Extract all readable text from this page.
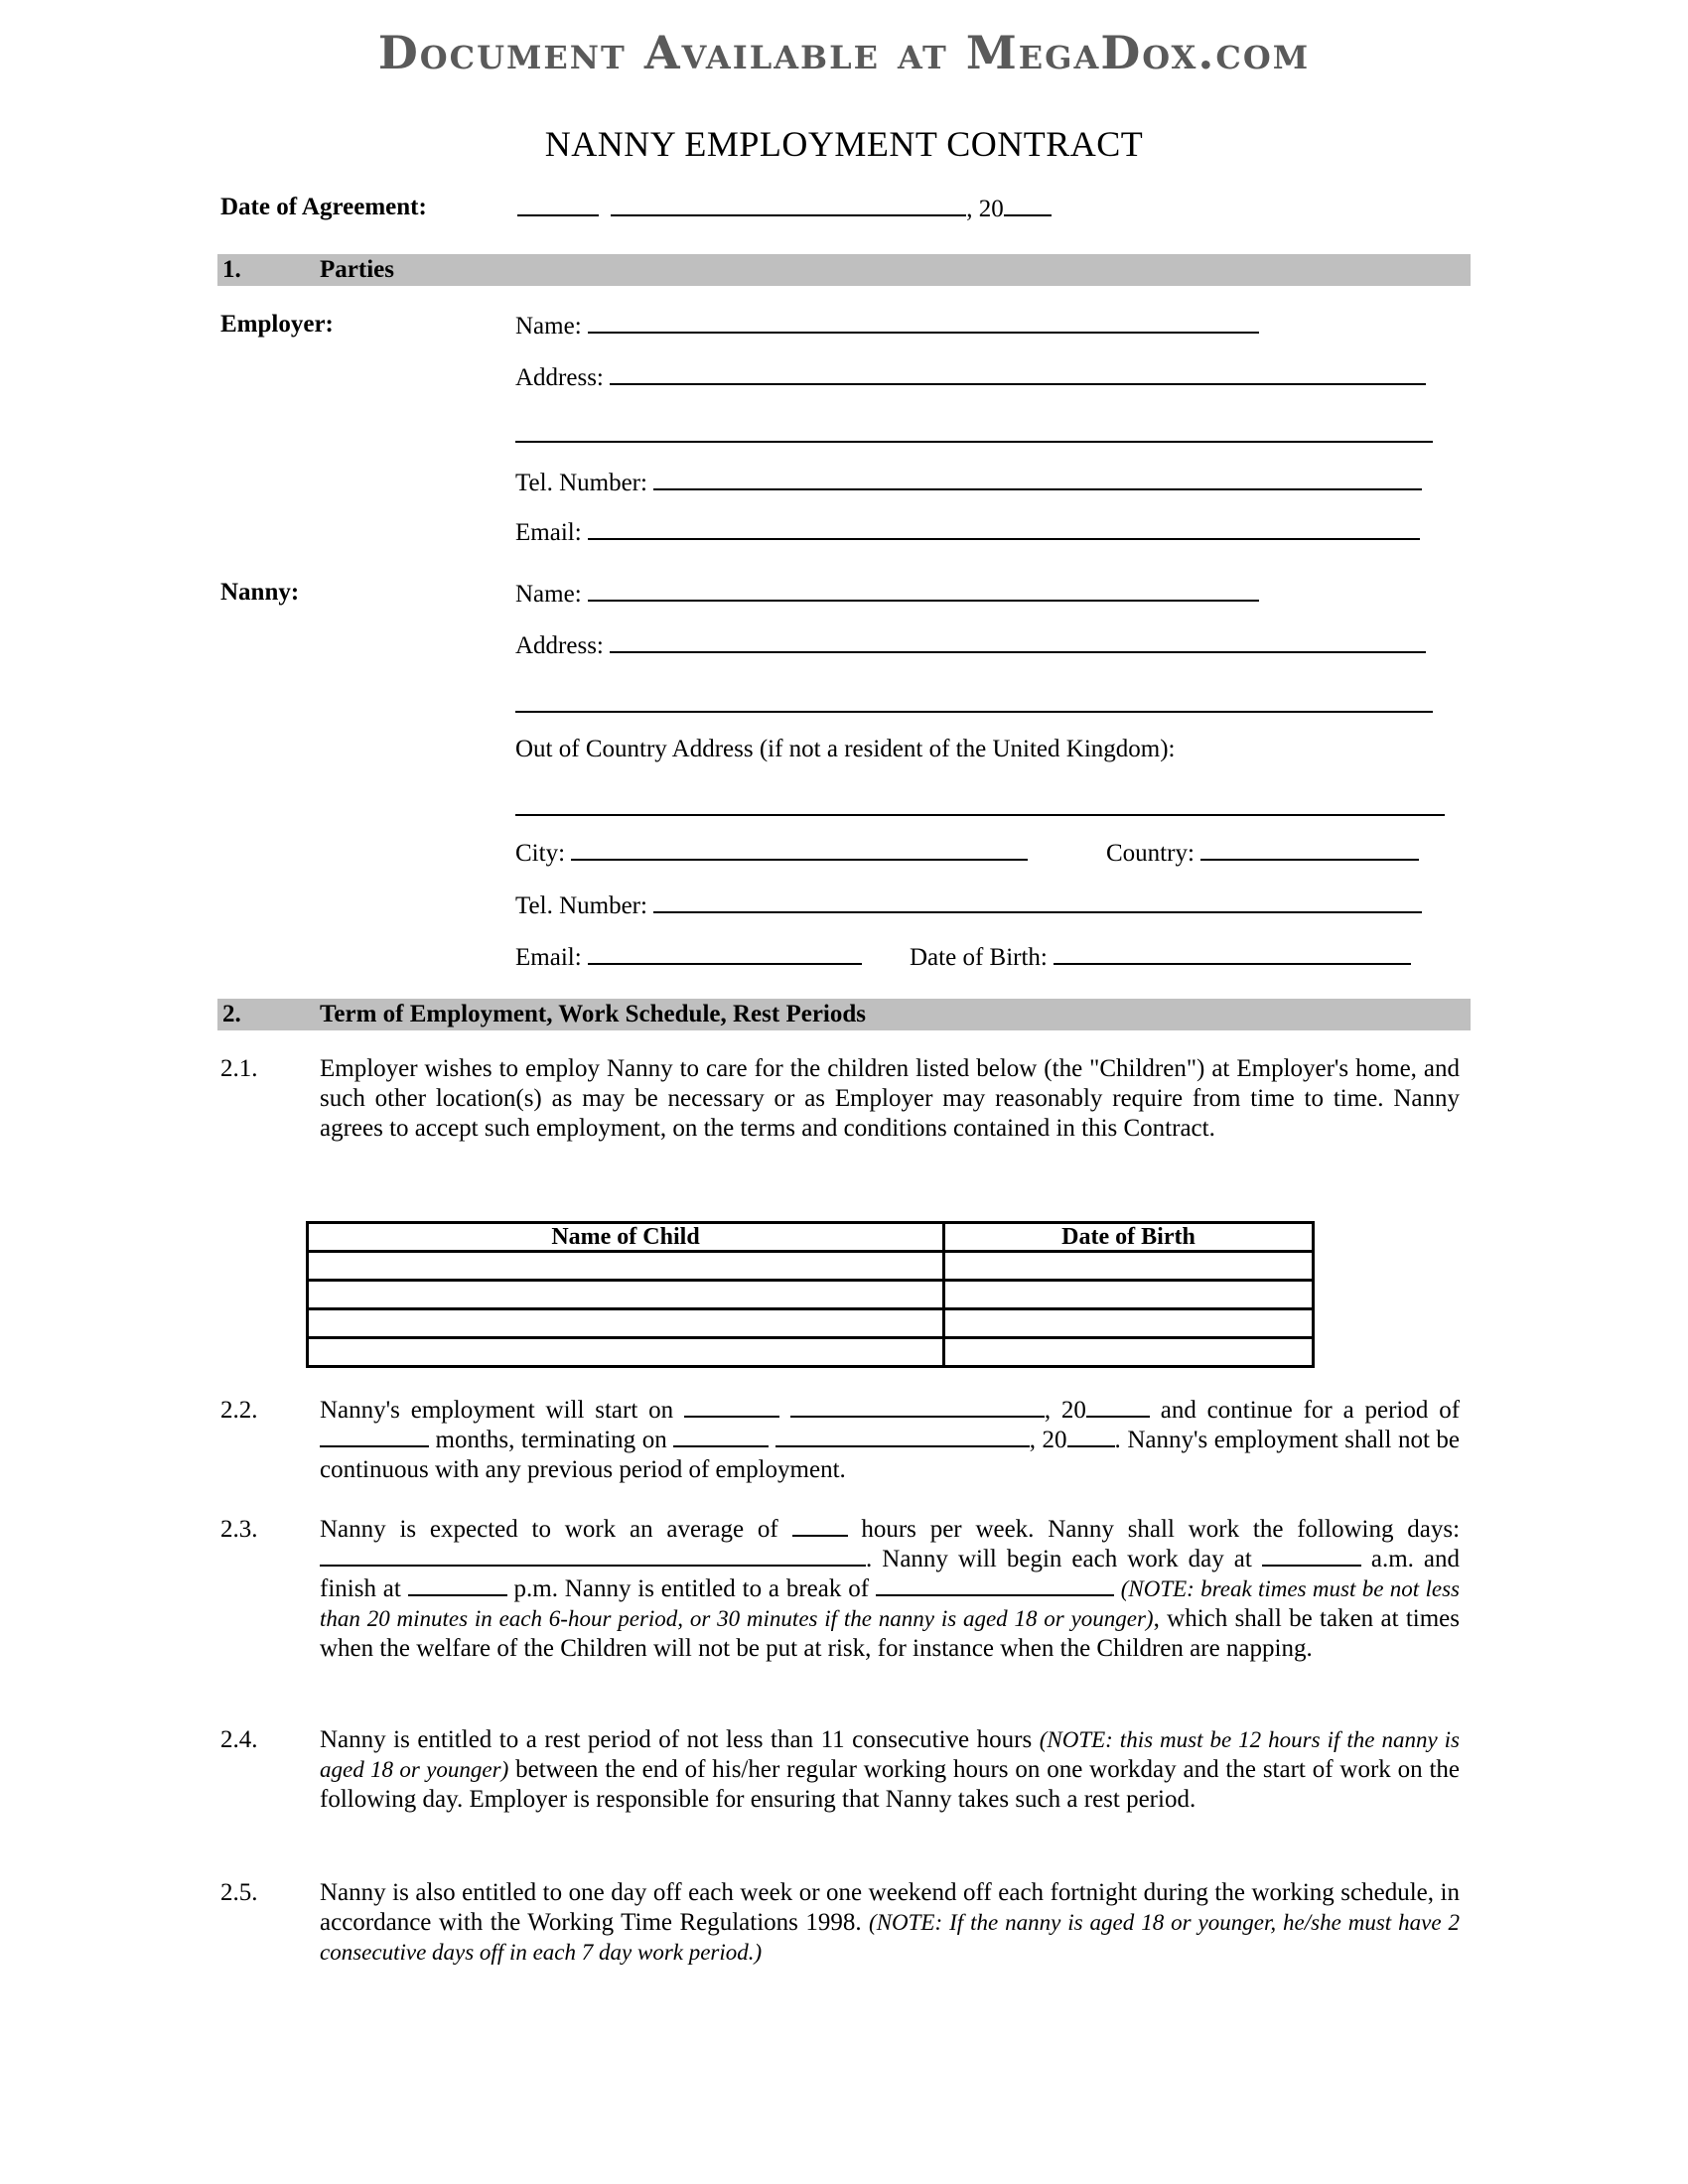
Document Available at MegaDox.com
NANNY EMPLOYMENT CONTRACT
Date of Agreement:	, 20
1.	Parties
Employer:	Name:
Address:
Tel. Number:
Email:
Nanny:	Name:
Address:
Out of Country Address (if not a resident of the United Kingdom):
City:	Country:
Tel. Number:
Email:	Date of Birth:
2.	Term of Employment, Work Schedule, Rest Periods
2.1.	Employer wishes to employ Nanny to care for the children listed below (the "Children") at Employer's home, and such other location(s) as may be necessary or as Employer may reasonably require from time to time. Nanny agrees to accept such employment, on the terms and conditions contained in this Contract.
Name of Child	Date of Birth

2.2.	Nanny's employment will start on	, 20	and continue for a period of  months, terminating on	, 20 . Nanny's employment shall not be continuous with any previous period of employment.
2.3.	Nanny is expected to work an average of	hours per week. Nanny shall work the following days: . Nanny will begin each work day at	a.m. and finish at	p.m. Nanny is entitled to a break of	(NOTE: break times must be not less than 20 minutes in each 6-hour period, or 30 minutes if the nanny is aged 18 or younger), which shall be taken at times when the welfare of the Children will not be put at risk, for instance when the Children are napping.
2.4.	Nanny is entitled to a rest period of not less than 11 consecutive hours (NOTE: this must be 12 hours if the nanny is aged 18 or younger) between the end of his/her regular working hours on one workday and the start of work on the following day. Employer is responsible for ensuring that Nanny takes such a rest period.
2.5.	Nanny is also entitled to one day off each week or one weekend off each fortnight during the working schedule, in accordance with the Working Time Regulations 1998. (NOTE: If the nanny is aged 18 or younger, he/she must have 2 consecutive days off in each 7 day work period.)
